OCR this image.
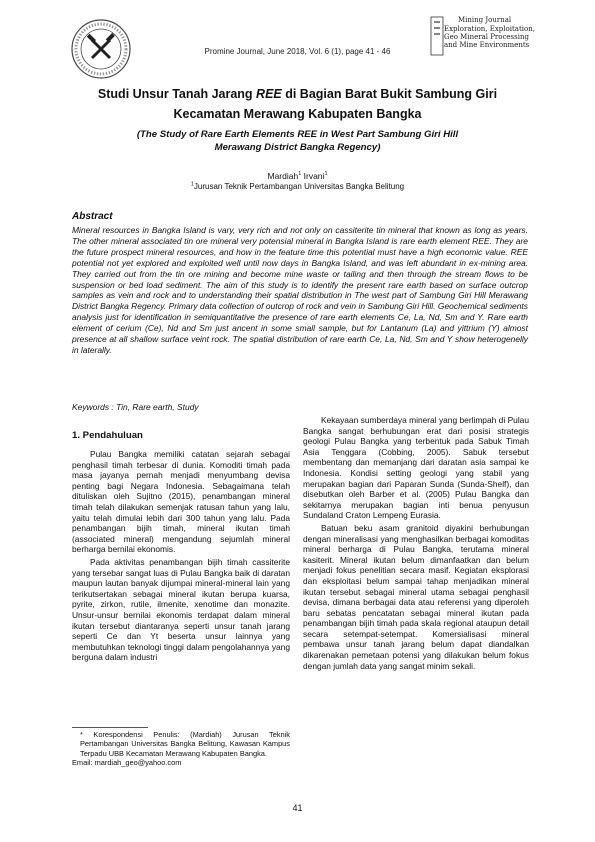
Mining Journal
Exploration, Exploitation,
Geo Mineral Processing
and Mine Environments
Promine Journal, June 2018, Vol. 6 (1), page 41 - 46
Studi Unsur Tanah Jarang REE di Bagian Barat Bukit Sambung Giri
Kecamatan Merawang Kabupaten Bangka
(The Study of Rare Earth Elements REE in West Part Sambung Giri Hill
Merawang District Bangka Regency)
Mardiah$^1$ Irvani$^1$
$^1$Jurusan Teknik Pertambangan Universitas Bangka Belitung
Abstract

Mineral resources in Bangka Island is vary, very rich and not only on cassiterite tin mineral that known as long as years. The other mineral associated tin ore mineral very potensial mineral in Bangka Island is rare earth element REE. They are the future prospect mineral resources, and how in the feature time this potential must have a high economic value. REE potential not yet explored and exploited well until now days in Bangka Island, and was left abundant in ex-mining area. They carried out from the tin ore mining and become mine waste or tailing and then through the stream flows to be suspension or bed load sediment. The aim of this study is to identify the present rare earth based on surface outcrop samples as vein and rock and to understanding their spatial distribution in The west part of Sambung Giri Hill Merawang District Bangka Regency. Primary data collection of outcrop of rock and vein in Sambung Giri Hill. Geochemical sediments analysis just for identification in semiquantitative the presence of rare earth elements Ce, La, Nd, Sm and Y. Rare earth element of cerium (Ce), Nd and Sm just ancent in some small sample, but for Lantanum (La) and yittrium (Y) almost presence at all shallow surface veint rock. The spatial distribution of rare earth Ce, La, Nd, Sm and Y show heterogenelly in laterally.

Keywords : Tin, Rare earth, Study
1. Pendahuluan

Pulau Bangka memiliki catatan sejarah sebagai penghasil timah terbesar di dunia. Komoditi timah pada masa jayanya pernah menjadi menyumbang devisa penting bagi Negara Indonesia. Sebagaimana telah dituliskan oleh Sujitno (2015), penambangan mineral timah telah dilakukan semenjak ratusan tahun yang lalu, yaitu telah dimulai lebih dari 300 tahun yang lalu. Pada penambangan bijih timah, mineral ikutan timah (associated mineral) mengandung sejumlah mineral berharga bernilai ekonomis.

Pada aktivitas penambangan bijih timah cassiterite yang tersebar sangat luas di Pulau Bangka baik di daratan maupun lautan banyak dijumpai mineral-mineral lain yang terikutsertakan sebagai mineral ikutan berupa kuarsa, pyrite, zirkon, rutile, ilmenite, xenotime dan monazite. Unsur-unsur bernilai ekonomis terdapat dalam mineral ikutan tersebut diantaranya seperti unsur tanah jarang seperti Ce dan Yt beserta unsur lainnya yang membutuhkan teknologi tinggi dalam pengolahannya yang berguna dalam industri

Kekayaan sumberdaya mineral yang berlimpah di Pulau Bangka sangat berhubungan erat dari posisi strategis geologi Pulau Bangka yang terbentuk pada Sabuk Timah Asia Tenggara (Cobbing, 2005). Sabuk tersebut membentang dan memanjang dari daratan asia sampai ke Indonesia. Kondisi setting geologi yang stabil yang merupakan bagian dari Paparan Sunda (Sunda-Shelf), dan disebutkan oleh Barber et al. (2005) Pulau Bangka dan sekitarnya merupakan bagian inti benua penyusun Sundaland Craton Lempeng Eurasia.

Batuan beku asam granitoid diyakini berhubungan dengan mineralisasi yang menghasilkan berbagai komoditas mineral berharga di Pulau Bangka, terutama mineral kasiterit. Mineral ikutan belum dimanfaatkan dan belum menjadi fokus penelitian secara masif. Kegiatan eksplorasi dan eksploitasi belum sampai tahap menjadikan mineral ikutan tersebut sebagai mineral utama sebagai penghasil devisa, dimana berbagai data atau referensi yang diperoleh baru sebatas pencatatan sebagai mineral ikutan pada penambangan bijih timah pada skala regional ataupun detail secara setempat-setempat. Komersialisasi mineral pembawa unsur tanah jarang belum dapat diandalkan dikarenakan pemetaan potensi yang dilakukan belum fokus dengan jumlah data yang sangat minim sekali.

* Korespondensi Penulis: (Mardiah) Jurusan Teknik Pertambangan Universitas Bangka Belitung, Kawasan Kampus Terpadu UBB Kecamatan Merawang Kabupaten Bangka.
Email: mardiah_geo@yahoo.com
41
